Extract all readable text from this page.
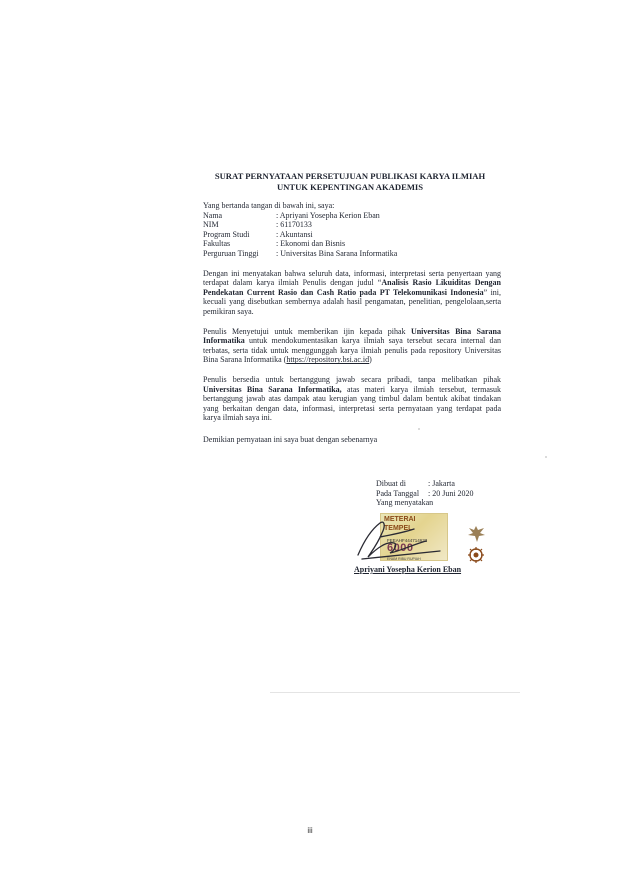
SURAT PERNYATAAN PERSETUJUAN PUBLIKASI KARYA ILMIAH
UNTUK KEPENTINGAN AKADEMIS
Yang bertanda tangan di bawah ini, saya:
Nama	: Apriyani Yosepha Kerion Eban
NIM	: 61170133
Program Studi	: Akuntansi
Fakultas	: Ekonomi dan Bisnis
Perguruan Tinggi	: Universitas Bina Sarana Informatika

Dengan ini menyatakan bahwa seluruh data, informasi, interpretasi serta penyertaan yang terdapat dalam karya ilmiah Penulis dengan judul “Analisis Rasio Likuiditas Dengan Pendekatan Current Rasio dan Cash Ratio pada PT Telekomunikasi Indonesia” ini, kecuali yang disebutkan sembernya adalah hasil pengamatan, penelitian, pengelolaan,serta pemikiran saya.

Penulis Menyetujui untuk memberikan ijin kepada pihak Universitas Bina Sarana Informatika untuk mendokumentasikan karya ilmiah saya tersebut secara internal dan terbatas, serta tidak untuk menggunggah karya ilmiah penulis pada repository Universitas Bina Sarana Informatika (https://repository.bsi.ac.id)

Penulis bersedia untuk bertanggung jawab secara pribadi, tanpa melibatkan pihak Universitas Bina Sarana Informatika, atas materi karya ilmiah tersebut, termasuk bertanggung jawab atas dampak atau kerugian yang timbul dalam bentuk akibat tindakan yang berkaitan dengan data, informasi, interpretasi serta pernyataan yang terdapat pada karya ilmiah saya ini.

Demikian pernyataan ini saya buat dengan sebenarnya

Dibuat di	: Jakarta
Pada Tanggal	: 20 Juni 2020
Yang menyatakan
METERAI
TEMPEL
FEEAHF444714633
6000
ENAM RIBU RUPIAH
Apriyani Yosepha Kerion Eban
iii
